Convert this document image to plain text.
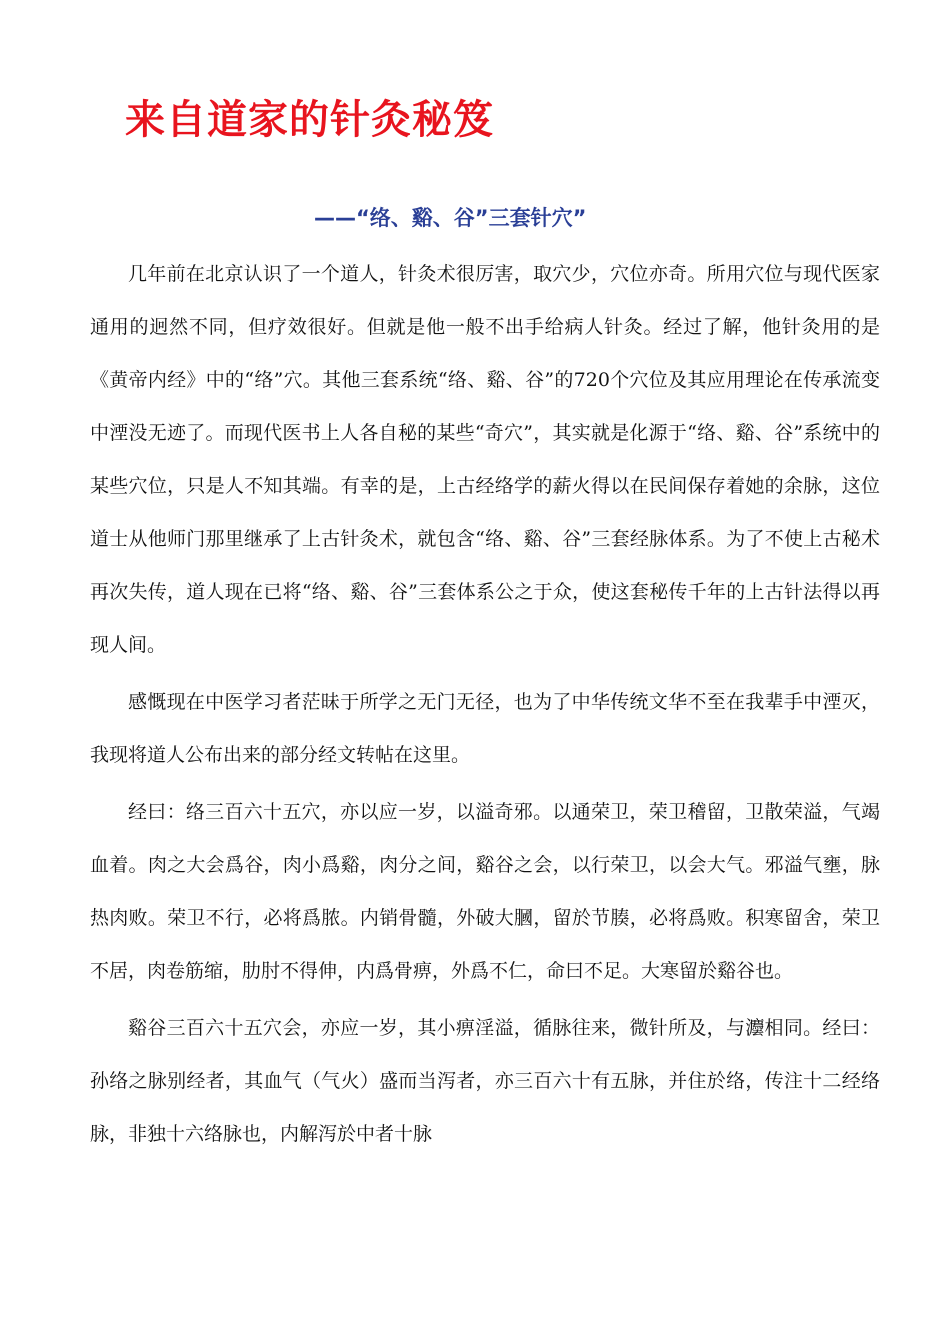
来自道家的针灸秘笈
——“络、谿、谷”三套针穴”

几年前在北京认识了一个道人，针灸术很厉害，取穴少，穴位亦奇。所用穴位与现代医家通用的迥然不同，但疗效很好。但就是他一般不出手给病人针灸。经过了解，他针灸用的是《黄帝内经》中的“络”穴。其他三套系统“络、谿、谷”的720个穴位及其应用理论在传承流变中湮没无迹了。而现代医书上人各自秘的某些“奇穴”，其实就是化源于“络、谿、谷”系统中的某些穴位，只是人不知其端。有幸的是，上古经络学的薪火得以在民间保存着她的余脉，这位道士从他师门那里继承了上古针灸术，就包含“络、谿、谷”三套经脉体系。为了不使上古秘术再次失传，道人现在已将“络、谿、谷”三套体系公之于众，使这套秘传千年的上古针法得以再现人间。

感慨现在中医学习者茫昧于所学之无门无径，也为了中华传统文华不至在我辈手中湮灭，我现将道人公布出来的部分经文转帖在这里。

经曰：络三百六十五穴，亦以应一岁，以溢奇邪。以通荣卫，荣卫稽留，卫散荣溢，气竭血着。肉之大会爲谷，肉小爲谿，肉分之间，谿谷之会，以行荣卫，以会大气。邪溢气壅，脉热肉败。荣卫不行，必将爲脓。内销骨髓，外破大膕，留於节腠，必将爲败。积寒留舍，荣卫不居，肉卷筋缩，肋肘不得伸，内爲骨痹，外爲不仁，命曰不足。大寒留於谿谷也。

谿谷三百六十五穴会，亦应一岁，其小痹淫溢，循脉往来，微针所及，与灋相同。经曰：孙络之脉别经者，其血气（气火）盛而当泻者，亦三百六十有五脉，并住於络，传注十二经络脉，非独十六络脉也，内解泻於中者十脉
